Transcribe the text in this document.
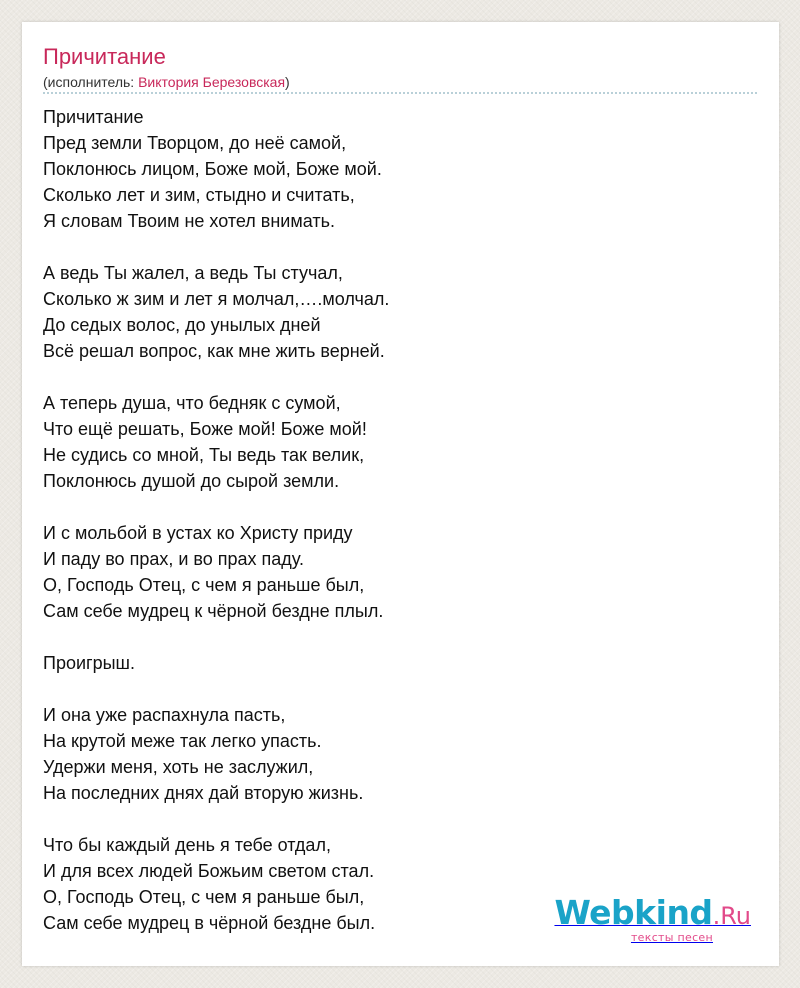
Причитание
(исполнитель: Виктория Березовская)

Причитание

Пред земли Творцом, до неё самой,

Поклонюсь лицом, Боже мой, Боже мой.

Сколько лет и зим, стыдно и считать,

Я словам Твоим не хотел внимать.

А ведь Ты жалел, а ведь Ты стучал,

Сколько ж зим и лет я молчал,….молчал.

До седых волос, до унылых дней

Всё решал вопрос, как мне жить верней.

А теперь душа, что бедняк с сумой,

Что ещё решать, Боже мой! Боже мой!

Не судись со мной, Ты ведь так велик,

Поклонюсь душой до сырой земли.

И с мольбой в устах ко Христу приду

И паду во прах, и во прах паду.

О, Господь Отец, с чем я раньше был,

Сам себе мудрец к чёрной бездне плыл.

Проигрыш.

И она уже распахнула пасть,

На крутой меже так легко упасть.

Удержи меня, хоть не заслужил,

На последних днях дай вторую жизнь.

Что бы каждый день я тебе отдал,

И для всех людей Божьим светом стал.

О, Господь Отец, с чем я раньше был,

Сам себе мудрец в чёрной бездне был.	Webkind.Ru
тексты песен
